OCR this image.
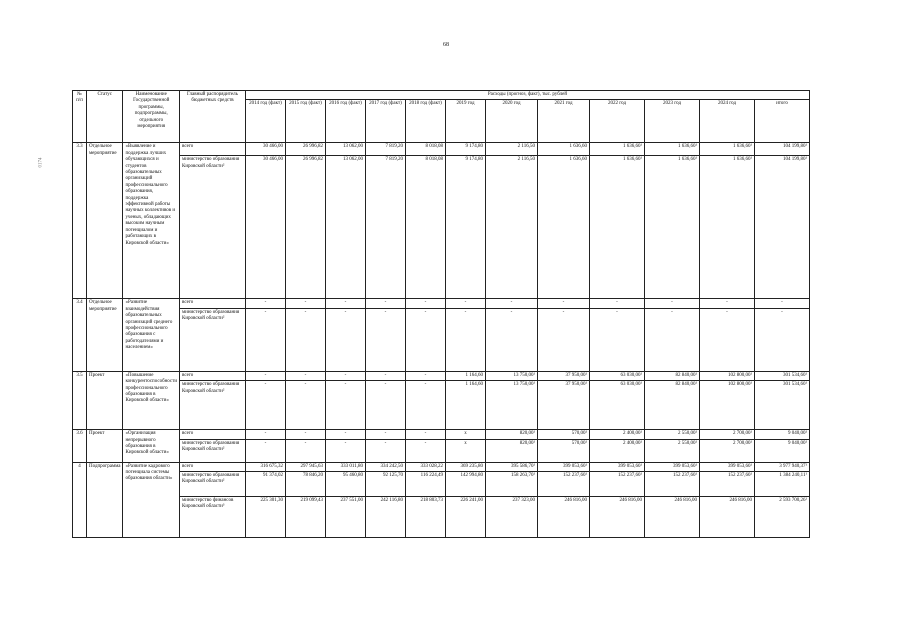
68
0174
№ п/п	Статус	Наименование Государственной программы, подпрограммы, отдельного мероприятия	Главный распорядитель бюджетных средств	Расходы (прогноз, факт), тыс. рублей											
				2014 год (факт)	2015 год (факт)	2016 год (факт)	2017 год (факт)	2018 год (факт)	2019 год	2020 год	2021 год	2022 год	2023 год	2024 год	итого
3.3	Отдельное мероприятие	«Выявление и поддержка лучших обучающихся и студентов образовательных организаций профессионального образования, поддержка эффективной работы научных коллективов и ученых, обладающих высоким научным потенциалом и работающих в Кировской области»	всего	30 466,00	26 996,82	13 062,00	7 819,20	8 018,08	9 174,80	2 116,50	1 636,60	1 636,60¹	1 636,60¹	1 636,60¹	104 199,80¹
			министерство образования Кировской области²	30 466,00	26 996,82	13 062,00	7 819,20	8 018,08	9 174,80	2 116,50	1 636,60	1 636,60¹	1 636,60¹	1 636,60¹	104 199,80¹
3.4	Отдельное мероприятие	«Развитие взаимодействия образовательных организаций среднего профессионального образования с работодателями и населением»	всего	-	-	-	-	-	-	-	-	-	-	-	-
			министерство образования Кировской области²	-	-	-	-	-	-	-	-	-	-	-	-
3.5	Проект	«Повышение конкурентоспособности профессионального образования в Кировской области»	всего	-	-	-	-	-	1 164,60	13 750,00¹	37 950,00¹	63 030,00¹	82 840,00¹	102 800,00¹	301 534,60¹
			министерство образования Кировской области²	-	-	-	-	-	1 164,60	13 750,00¹	37 950,00¹	63 030,00¹	82 840,00¹	102 800,00¹	301 534,60¹
3.6	Проект	«Организация непрерывного образования в Кировской области»	всего	-	-	-	-	-	x	820,00¹	570,00¹	2 400,00¹	2 550,00¹	2 700,00¹	9 040,00¹
			министерство образования Кировской области²	-	-	-	-	-	x	820,00¹	570,00¹	2 400,00¹	2 550,00¹	2 700,00¹	9 040,00¹
4	Подпрограмма	«Развитие кадрового потенциала системы образования области»	всего	316 675,32	297 945,63	333 011,80	334 242,50	333 028,22	369 235,80	395 586,70¹	399 053,60¹	399 053,60¹	399 053,60¹	399 053,60¹	3 977 940,37¹
			министерство образования Кировской области²	91 374,02	78 846,20	95 460,80	92 125,70	116 224,49	142 994,80	158 263,70¹	152 237,60¹	152 237,60¹	152 237,60¹	152 237,60¹	1 384 240,11¹
			министерство финансов Кировской области³	225 301,30	219 099,43	237 551,00	242 116,80	218 803,73	226 241,00	237 323,00	246 816,00	246 816,00	246 816,00	246 816,00	2 593 700,26¹
